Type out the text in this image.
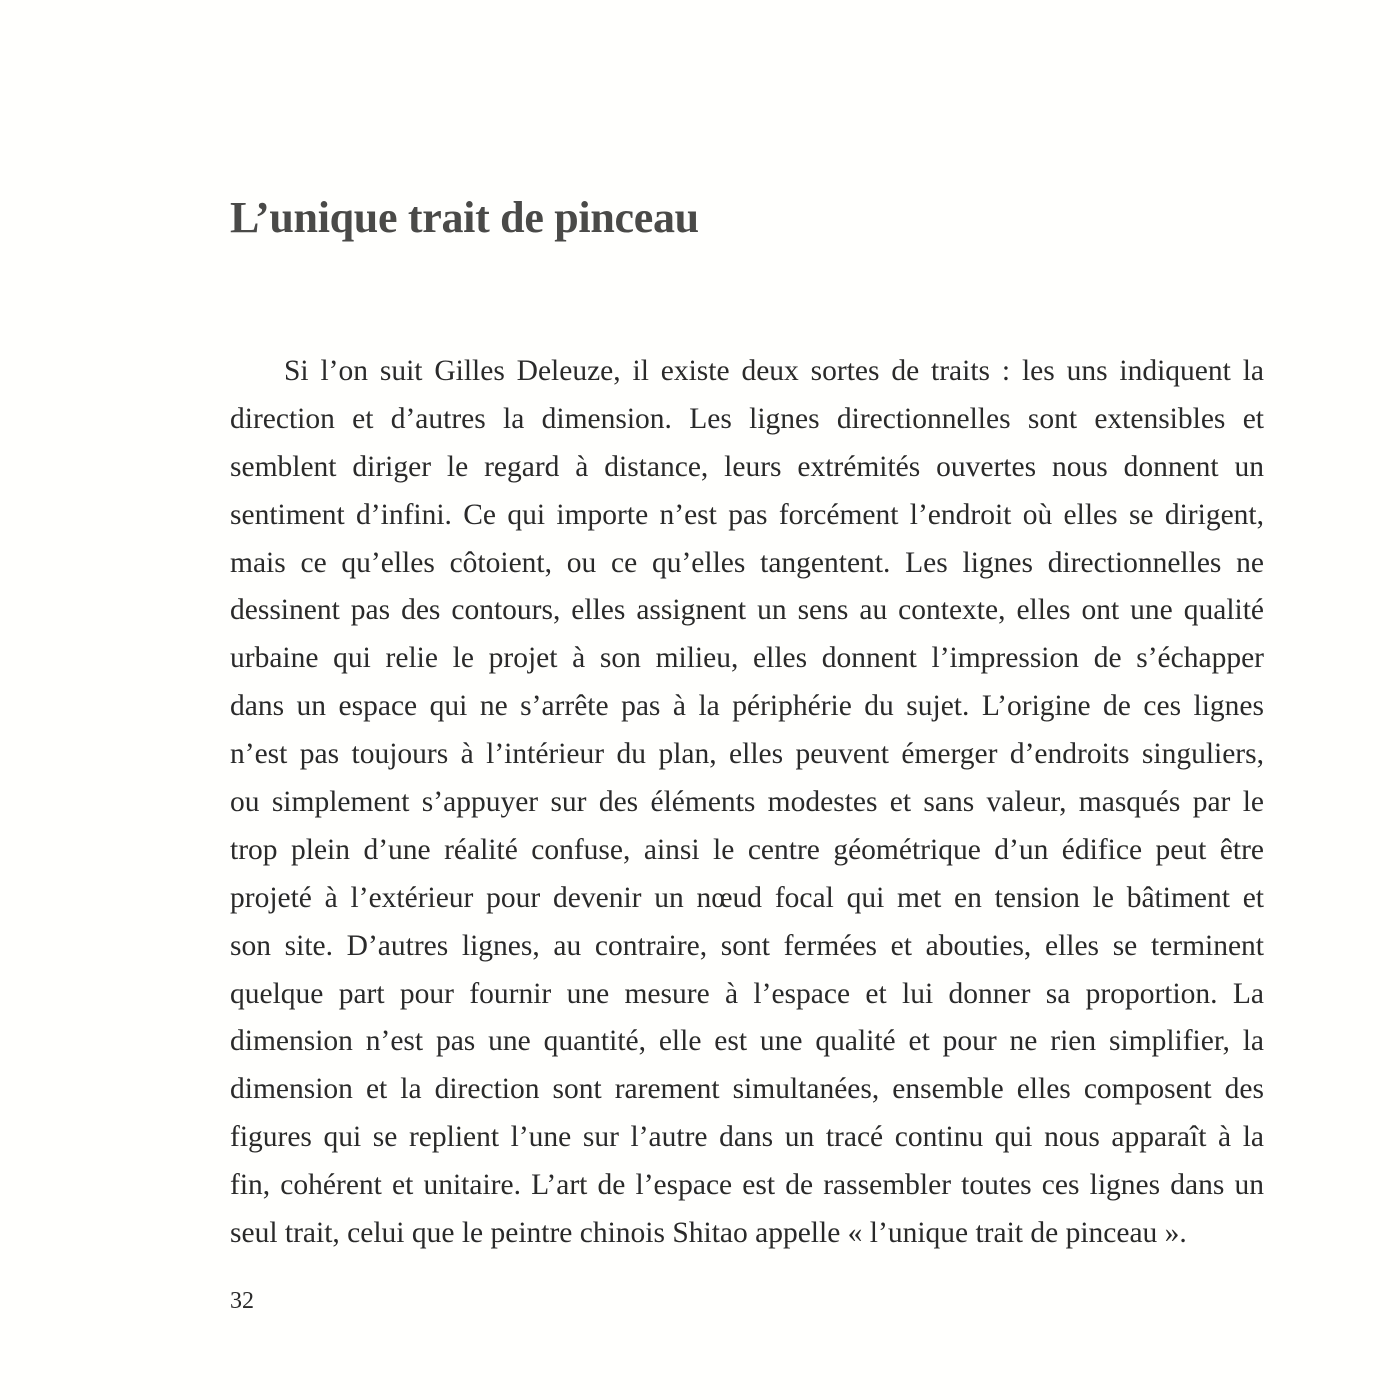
L’unique trait de pinceau
Si l’on suit Gilles Deleuze, il existe deux sortes de traits : les uns indiquent la
direction et d’autres la dimension. Les lignes directionnelles sont extensibles et
semblent diriger le regard à distance, leurs extrémités ouvertes nous donnent un
sentiment d’infini. Ce qui importe n’est pas forcément l’endroit où elles se dirigent,
mais ce qu’elles côtoient, ou ce qu’elles tangentent. Les lignes directionnelles ne
dessinent pas des contours, elles assignent un sens au contexte, elles ont une qualité
urbaine qui relie le projet à son milieu, elles donnent l’impression de s’échapper
dans un espace qui ne s’arrête pas à la périphérie du sujet. L’origine de ces lignes
n’est pas toujours à l’intérieur du plan, elles peuvent émerger d’endroits singuliers,
ou simplement s’appuyer sur des éléments modestes et sans valeur, masqués par le
trop plein d’une réalité confuse, ainsi le centre géométrique d’un édifice peut être
projeté à l’extérieur pour devenir un nœud focal qui met en tension le bâtiment et
son site. D’autres lignes, au contraire, sont fermées et abouties, elles se terminent
quelque part pour fournir une mesure à l’espace et lui donner sa proportion. La
dimension n’est pas une quantité, elle est une qualité et pour ne rien simplifier, la
dimension et la direction sont rarement simultanées, ensemble elles composent des
figures qui se replient l’une sur l’autre dans un tracé continu qui nous apparaît à la
fin, cohérent et unitaire. L’art de l’espace est de rassembler toutes ces lignes dans un
seul trait, celui que le peintre chinois Shitao appelle « l’unique trait de pinceau ».
32
